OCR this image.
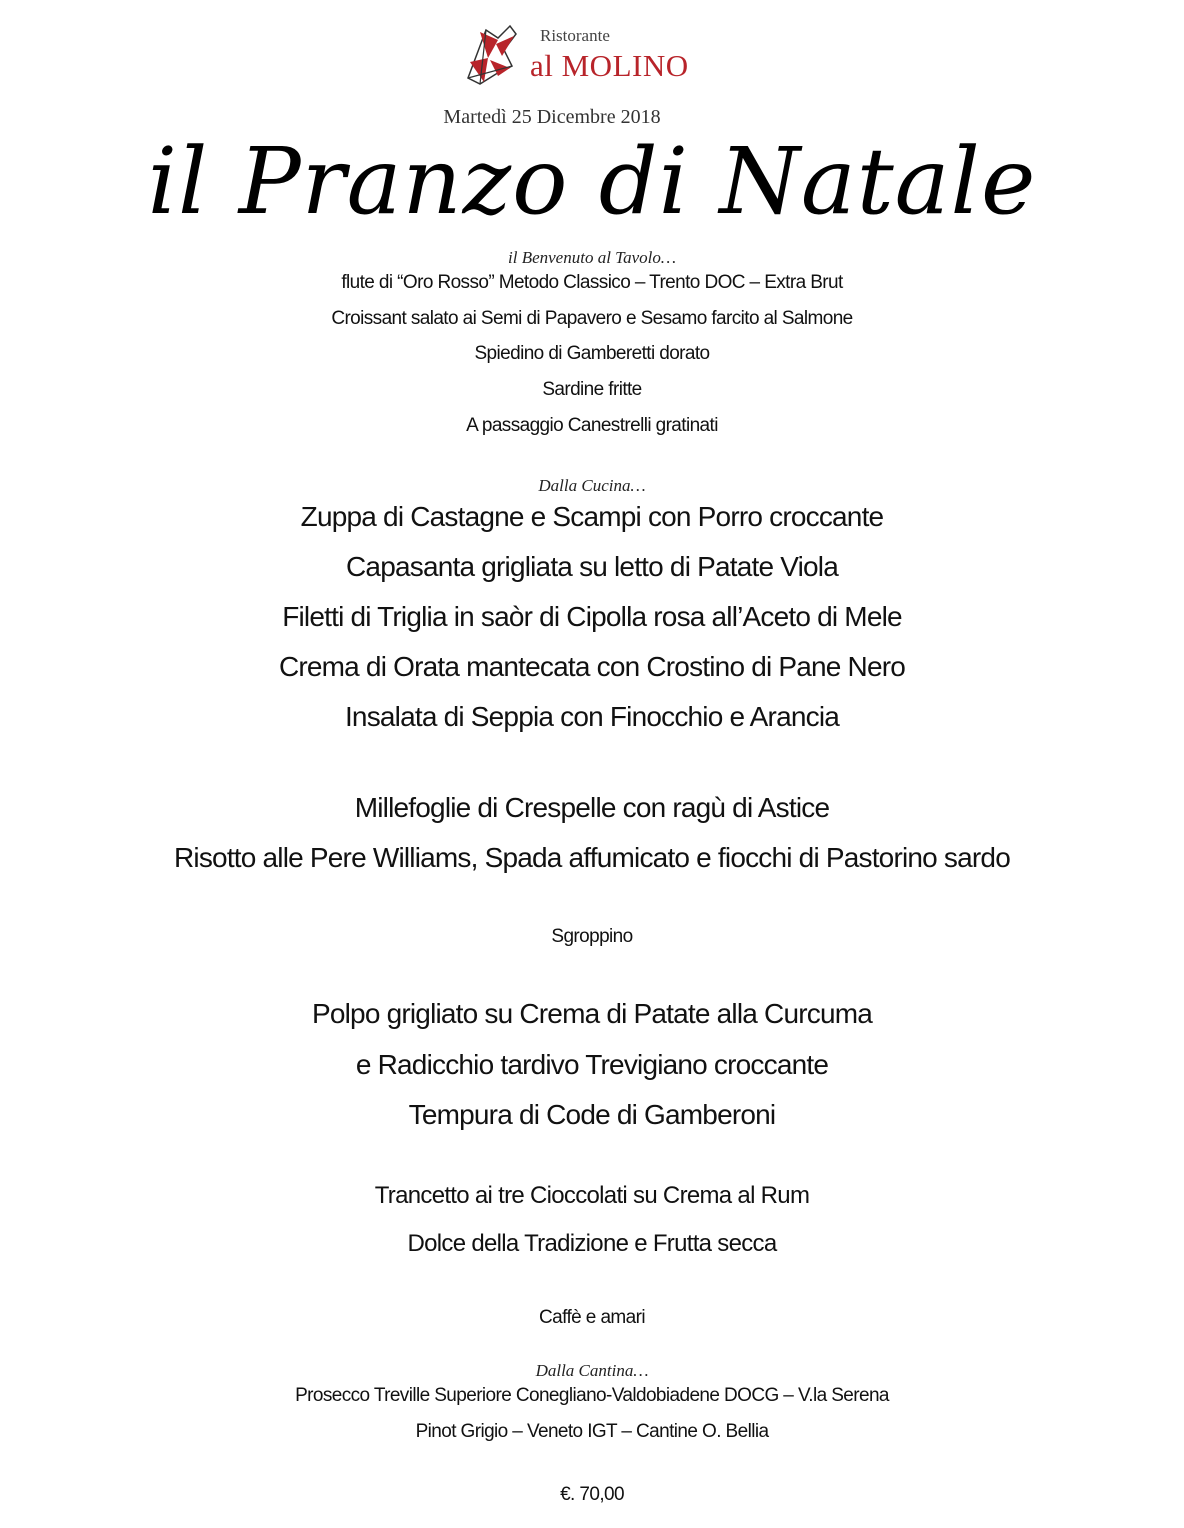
Ristorante
al MOLINO
Martedì 25 Dicembre 2018
il Pranzo di Natale
il Benvenuto al Tavolo…
flute di “Oro Rosso” Metodo Classico – Trento DOC – Extra Brut
Croissant salato ai Semi di Papavero e Sesamo farcito al Salmone
Spiedino di Gamberetti dorato
Sardine fritte
A passaggio Canestrelli gratinati
Dalla Cucina…
Zuppa di Castagne e Scampi con Porro croccante
Capasanta grigliata su letto di Patate Viola
Filetti di Triglia in saòr di Cipolla rosa all’Aceto di Mele
Crema di Orata mantecata con Crostino di Pane Nero
Insalata di Seppia con Finocchio e Arancia
Millefoglie di Crespelle con ragù di Astice
Risotto alle Pere Williams, Spada affumicato e fiocchi di Pastorino sardo
Sgroppino
Polpo grigliato su Crema di Patate alla Curcuma
e Radicchio tardivo Trevigiano croccante
Tempura di Code di Gamberoni
Trancetto ai tre Cioccolati su Crema al Rum
Dolce della Tradizione e Frutta secca
Caffè e amari
Dalla Cantina…
Prosecco Treville Superiore Conegliano-Valdobiadene DOCG – V.la Serena
Pinot Grigio – Veneto IGT – Cantine O. Bellia
€. 70,00
